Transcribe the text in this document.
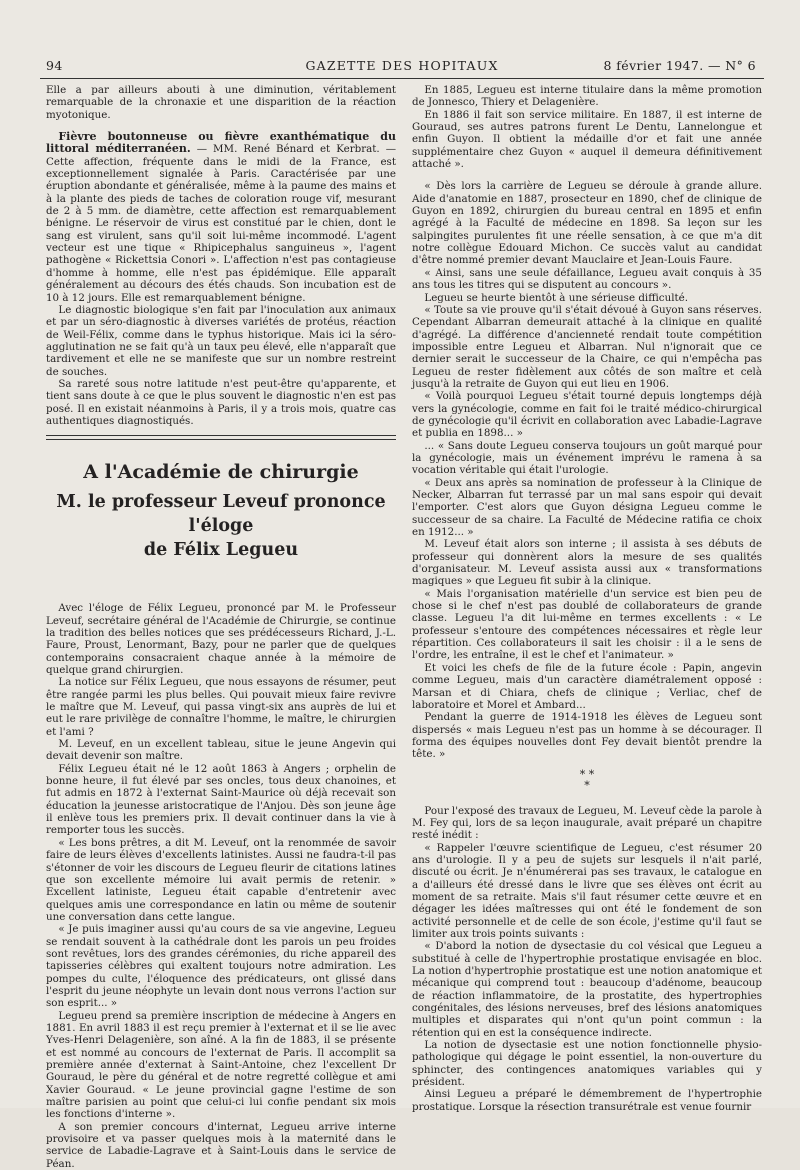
94	GAZETTE DES HOPITAUX	8 février 1947. — N° 6

Elle a par ailleurs abouti à une diminution, véritablement remarquable de la chronaxie et une disparition de la réaction myotonique.

Fièvre boutonneuse ou fièvre exanthématique du littoral méditerranéen. — MM. René Bénard et Kerbrat. — Cette affection, fréquente dans le midi de la France, est exceptionnellement signalée à Paris. Caractérisée par une éruption abondante et généralisée, même à la paume des mains et à la plante des pieds de taches de coloration rouge vif, mesurant de 2 à 5 mm. de diamètre, cette affection est remarquablement bénigne. Le réservoir de virus est constitué par le chien, dont le sang est virulent, sans qu'il soit lui-même incommodé. L'agent vecteur est une tique « Rhipicephalus sanguineus », l'agent pathogène « Rickettsia Conori ». L'affection n'est pas contagieuse d'homme à homme, elle n'est pas épidémique. Elle apparaît généralement au décours des étés chauds. Son incubation est de 10 à 12 jours. Elle est remarquablement bénigne.

Le diagnostic biologique s'en fait par l'inoculation aux animaux et par un séro-diagnostic à diverses variétés de protéus, réaction de Weil-Félix, comme dans le typhus historique. Mais ici la séro-agglutination ne se fait qu'à un taux peu élevé, elle n'apparaît que tardivement et elle ne se manifeste que sur un nombre restreint de souches.

Sa rareté sous notre latitude n'est peut-être qu'apparente, et tient sans doute à ce que le plus souvent le diagnostic n'en est pas posé. Il en existait néanmoins à Paris, il y a trois mois, quatre cas authentiques diagnostiqués.

A l'Académie de chirurgie
M. le professeur Leveuf prononce l'éloge
de Félix Legueu

Avec l'éloge de Félix Legueu, prononcé par M. le Professeur Leveuf, secrétaire général de l'Académie de Chirurgie, se continue la tradition des belles notices que ses prédécesseurs Richard, J.-L. Faure, Proust, Lenormant, Bazy, pour ne parler que de quelques contemporains consacraient chaque année à la mémoire de quelque grand chirurgien.

La notice sur Félix Legueu, que nous essayons de résumer, peut être rangée parmi les plus belles. Qui pouvait mieux faire revivre le maître que M. Leveuf, qui passa vingt-six ans auprès de lui et eut le rare privilège de connaître l'homme, le maître, le chirurgien et l'ami ?

M. Leveuf, en un excellent tableau, situe le jeune Angevin qui devait devenir son maître.

Félix Legueu était né le 12 août 1863 à Angers ; orphelin de bonne heure, il fut élevé par ses oncles, tous deux chanoines, et fut admis en 1872 à l'externat Saint-Maurice où déjà recevait son éducation la jeunesse aristocratique de l'Anjou. Dès son jeune âge il enlève tous les premiers prix. Il devait continuer dans la vie à remporter tous les succès.

« Les bons prêtres, a dit M. Leveuf, ont la renommée de savoir faire de leurs élèves d'excellents latinistes. Aussi ne faudra-t-il pas s'étonner de voir les discours de Legueu fleurir de citations latines que son excellente mémoire lui avait permis de retenir. » Excellent latiniste, Legueu était capable d'entretenir avec quelques amis une correspondance en latin ou même de soutenir une conversation dans cette langue.

« Je puis imaginer aussi qu'au cours de sa vie angevine, Legueu se rendait souvent à la cathédrale dont les parois un peu froides sont revêtues, lors des grandes cérémonies, du riche appareil des tapisseries célèbres qui exaltent toujours notre admiration. Les pompes du culte, l'éloquence des prédicateurs, ont glissé dans l'esprit du jeune néophyte un levain dont nous verrons l'action sur son esprit... »

Legueu prend sa première inscription de médecine à Angers en 1881. En avril 1883 il est reçu premier à l'externat et il se lie avec Yves-Henri Delagenière, son aîné. A la fin de 1883, il se présente et est nommé au concours de l'externat de Paris. Il accomplit sa première année d'externat à Saint-Antoine, chez l'excellent Dr Gouraud, le père du général et de notre regretté collègue et ami Xavier Gouraud. « Le jeune provincial gagne l'estime de son maître parisien au point que celui-ci lui confie pendant six mois les fonctions d'interne ».

A son premier concours d'internat, Legueu arrive interne provisoire et va passer quelques mois à la maternité dans le service de Labadie-Lagrave et à Saint-Louis dans le service de Péan.

En 1885, Legueu est interne titulaire dans la même promotion de Jonnesco, Thiery et Delagenière.

En 1886 il fait son service militaire. En 1887, il est interne de Gouraud, ses autres patrons furent Le Dentu, Lannelongue et enfin Guyon. Il obtient la médaille d'or et fait une année supplémentaire chez Guyon « auquel il demeura définitivement attaché ».

« Dès lors la carrière de Legueu se déroule à grande allure. Aide d'anatomie en 1887, prosecteur en 1890, chef de clinique de Guyon en 1892, chirurgien du bureau central en 1895 et enfin agrégé à la Faculté de médecine en 1898. Sa leçon sur les salpingites purulentes fit une réelle sensation, à ce que m'a dit notre collègue Edouard Michon. Ce succès valut au candidat d'être nommé premier devant Mauclaire et Jean-Louis Faure.

« Ainsi, sans une seule défaillance, Legueu avait conquis à 35 ans tous les titres qui se disputent au concours ».

Legueu se heurte bientôt à une sérieuse difficulté.

« Toute sa vie prouve qu'il s'était dévoué à Guyon sans réserves. Cependant Albarran demeurait attaché à la clinique en qualité d'agrégé. La différence d'ancienneté rendait toute compétition impossible entre Legueu et Albarran. Nul n'ignorait que ce dernier serait le successeur de la Chaire, ce qui n'empêcha pas Legueu de rester fidèlement aux côtés de son maître et celà jusqu'à la retraite de Guyon qui eut lieu en 1906.

« Voilà pourquoi Legueu s'était tourné depuis longtemps déjà vers la gynécologie, comme en fait foi le traité médico-chirurgical de gynécologie qu'il écrivit en collaboration avec Labadie-Lagrave et publia en 1898... »

... « Sans doute Legueu conserva toujours un goût marqué pour la gynécologie, mais un événement imprévu le ramena à sa vocation véritable qui était l'urologie.

« Deux ans après sa nomination de professeur à la Clinique de Necker, Albarran fut terrassé par un mal sans espoir qui devait l'emporter. C'est alors que Guyon désigna Legueu comme le successeur de sa chaire. La Faculté de Médecine ratifia ce choix en 1912... »

M. Leveuf était alors son interne ; il assista à ses débuts de professeur qui donnèrent alors la mesure de ses qualités d'organisateur. M. Leveuf assista aussi aux « transformations magiques » que Legueu fit subir à la clinique.

« Mais l'organisation matérielle d'un service est bien peu de chose si le chef n'est pas doublé de collaborateurs de grande classe. Legueu l'a dit lui-même en termes excellents : « Le professeur s'entoure des compétences nécessaires et règle leur répartition. Ces collaborateurs il sait les choisir : il a le sens de l'ordre, les entraîne, il est le chef et l'animateur. »

Et voici les chefs de file de la future école : Papin, angevin comme Legueu, mais d'un caractère diamétralement opposé : Marsan et di Chiara, chefs de clinique ; Verliac, chef de laboratoire et Morel et Ambard...

Pendant la guerre de 1914-1918 les élèves de Legueu sont dispersés « mais Legueu n'est pas un homme à se décourager. Il forma des équipes nouvelles dont Fey devait bientôt prendre la tête. »

* *
*

Pour l'exposé des travaux de Legueu, M. Leveuf cède la parole à M. Fey qui, lors de sa leçon inaugurale, avait préparé un chapitre resté inédit :

« Rappeler l'œuvre scientifique de Legueu, c'est résumer 20 ans d'urologie. Il y a peu de sujets sur lesquels il n'ait parlé, discuté ou écrit. Je n'énumérerai pas ses travaux, le catalogue en a d'ailleurs été dressé dans le livre que ses élèves ont écrit au moment de sa retraite. Mais s'il faut résumer cette œuvre et en dégager les idées maîtresses qui ont été le fondement de son activité personnelle et de celle de son école, j'estime qu'il faut se limiter aux trois points suivants :

« D'abord la notion de dysectasie du col vésical que Legueu a substitué à celle de l'hypertrophie prostatique envisagée en bloc. La notion d'hypertrophie prostatique est une notion anatomique et mécanique qui comprend tout : beaucoup d'adénome, beaucoup de réaction inflammatoire, de la prostatite, des hypertrophies congénitales, des lésions nerveuses, bref des lésions anatomiques multiples et disparates qui n'ont qu'un point commun : la rétention qui en est la conséquence indirecte.

La notion de dysectasie est une notion fonctionnelle physio-pathologique qui dégage le point essentiel, la non-ouverture du sphincter, des contingences anatomiques variables qui y président.

Ainsi Legueu a préparé le démembrement de l'hypertrophie prostatique. Lorsque la résection transurétrale est venue fournir
